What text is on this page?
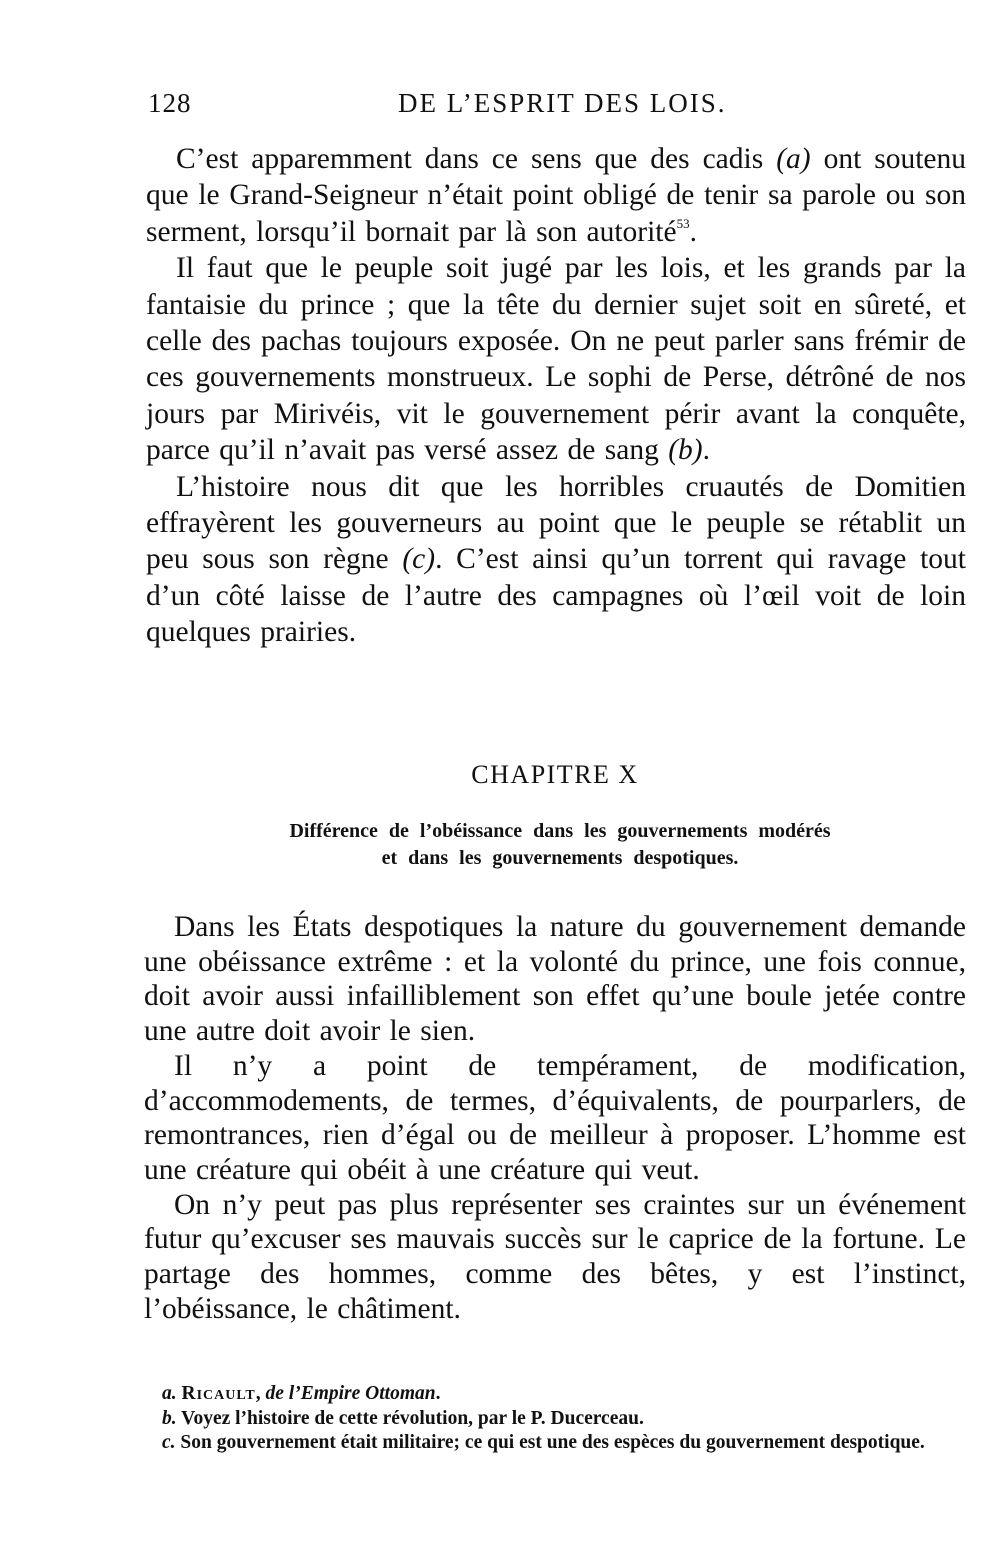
128	DE L’ESPRIT DES LOIS.

C’est apparemment dans ce sens que des cadis (a) ont soutenu que le Grand-Seigneur n’était point obligé de tenir sa parole ou son serment, lorsqu’il bornait par là son autorité$^{53}$.

Il faut que le peuple soit jugé par les lois, et les grands par la fantaisie du prince ; que la tête du dernier sujet soit en sûreté, et celle des pachas toujours exposée. On ne peut parler sans frémir de ces gouvernements monstrueux. Le sophi de Perse, détrôné de nos jours par Mirivéis, vit le gouvernement périr avant la conquête, parce qu’il n’avait pas versé assez de sang (b).

L’histoire nous dit que les horribles cruautés de Domitien effrayèrent les gouverneurs au point que le peuple se rétablit un peu sous son règne (c). C’est ainsi qu’un torrent qui ravage tout d’un côté laisse de l’autre des campagnes où l’œil voit de loin quelques prairies.

CHAPITRE X
Différence de l’obéissance dans les gouvernements modérés
et dans les gouvernements despotiques.

Dans les États despotiques la nature du gouvernement demande une obéissance extrême : et la volonté du prince, une fois connue, doit avoir aussi infailliblement son effet qu’une boule jetée contre une autre doit avoir le sien.

Il n’y a point de tempérament, de modification, d’accommodements, de termes, d’équivalents, de pourparlers, de remontrances, rien d’égal ou de meilleur à proposer. L’homme est une créature qui obéit à une créature qui veut.

On n’y peut pas plus représenter ses craintes sur un événement futur qu’excuser ses mauvais succès sur le caprice de la fortune. Le partage des hommes, comme des bêtes, y est l’instinct, l’obéissance, le châtiment.

a. Ricault, de l’Empire Ottoman.
b. Voyez l’histoire de cette révolution, par le P. Ducerceau.
c. Son gouvernement était militaire; ce qui est une des espèces du gouvernement despotique.
